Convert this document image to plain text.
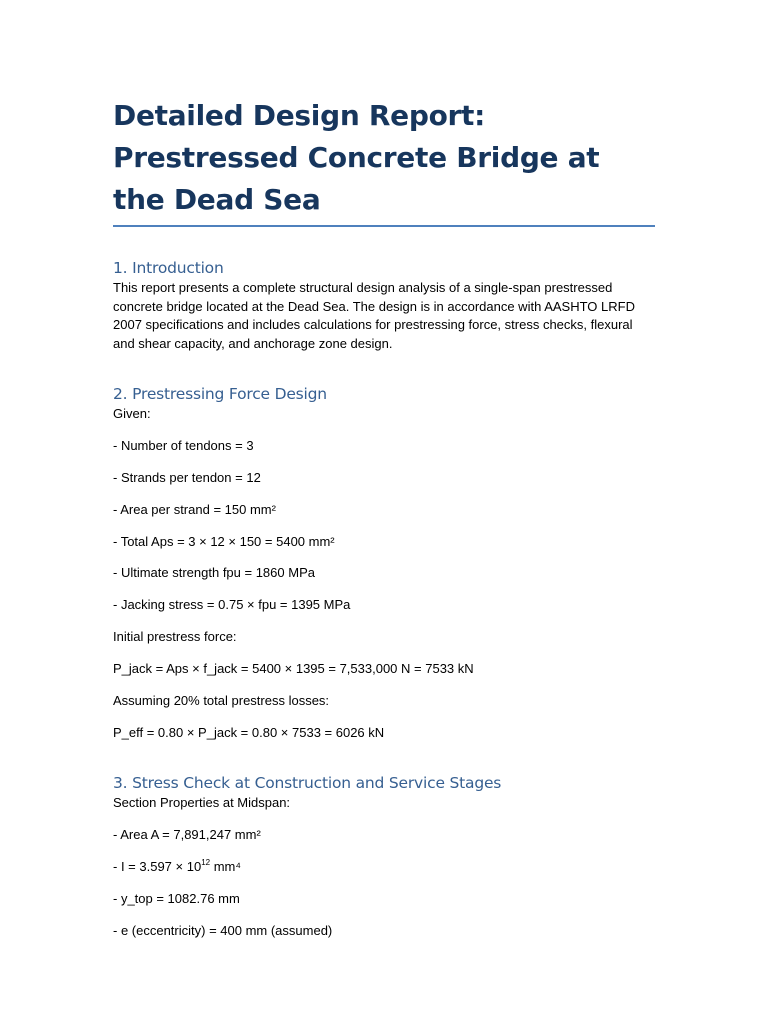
Detailed Design Report: Prestressed Concrete Bridge at the Dead Sea
1. Introduction

This report presents a complete structural design analysis of a single-span prestressed concrete bridge located at the Dead Sea. The design is in accordance with AASHTO LRFD 2007 specifications and includes calculations for prestressing force, stress checks, flexural and shear capacity, and anchorage zone design.

2. Prestressing Force Design

Given:

- Number of tendons = 3

- Strands per tendon = 12

- Area per strand = 150 mm²

- Total Aps = 3 × 12 × 150 = 5400 mm²

- Ultimate strength fpu = 1860 MPa

- Jacking stress = 0.75 × fpu = 1395 MPa

Initial prestress force:

P_jack = Aps × f_jack = 5400 × 1395 = 7,533,000 N = 7533 kN

Assuming 20% total prestress losses:

P_eff = 0.80 × P_jack = 0.80 × 7533 = 6026 kN

3. Stress Check at Construction and Service Stages

Section Properties at Midspan:

- Area A = 7,891,247 mm²

- $I = 3.597 \times 10^{12}$ mm⁴

- y_top = 1082.76 mm

- e (eccentricity) = 400 mm (assumed)
